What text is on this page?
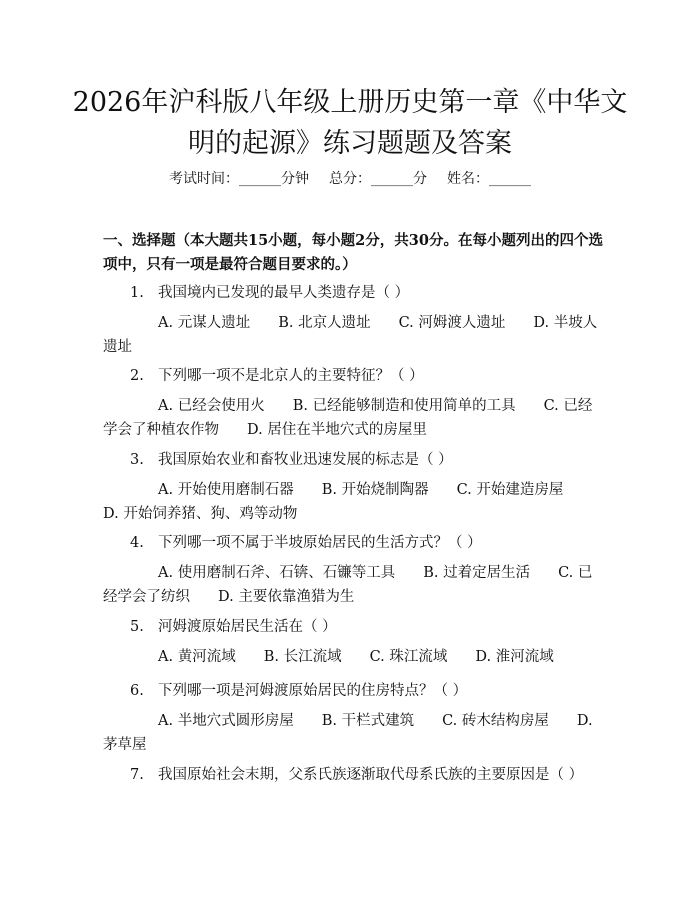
2026年沪科版八年级上册历史第一章《中华文明的起源》练习题题及答案
考试时间：______分钟 总分：______分 姓名：______
一、选择题（本大题共15小题，每小题2分，共30分。在每小题列出的四个选项中，只有一项是最符合题目要求的。）
1. 我国境内已发现的最早人类遗存是（ ）
A. 元谋人遗址 B. 北京人遗址 C. 河姆渡人遗址 D. 半坡人遗址
2. 下列哪一项不是北京人的主要特征？（ ）
A. 已经会使用火 B. 已经能够制造和使用简单的工具 C. 已经学会了种植农作物 D. 居住在半地穴式的房屋里
3. 我国原始农业和畜牧业迅速发展的标志是（ ）
A. 开始使用磨制石器 B. 开始烧制陶器 C. 开始建造房屋D. 开始饲养猪、狗、鸡等动物
4. 下列哪一项不属于半坡原始居民的生活方式？（ ）
A. 使用磨制石斧、石锛、石镰等工具 B. 过着定居生活 C. 已经学会了纺织 D. 主要依靠渔猎为生
5. 河姆渡原始居民生活在（ ）
A. 黄河流域 B. 长江流域 C. 珠江流域 D. 淮河流域
6. 下列哪一项是河姆渡原始居民的住房特点？（ ）
A. 半地穴式圆形房屋 B. 干栏式建筑 C. 砖木结构房屋 D. 茅草屋
7. 我国原始社会末期，父系氏族逐渐取代母系氏族的主要原因是（ ）
